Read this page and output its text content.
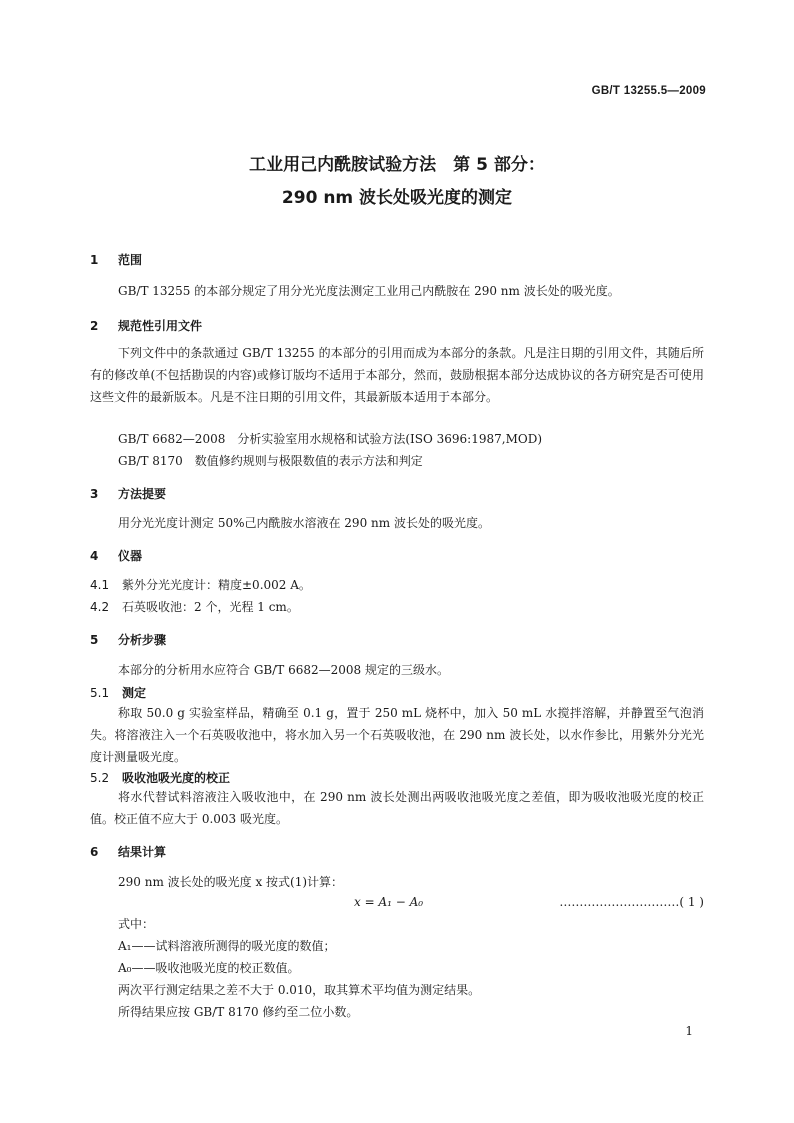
GB/T 13255.5—2009
工业用己内酰胺试验方法　第 5 部分：
290 nm 波长处吸光度的测定
1 范围
GB/T 13255 的本部分规定了用分光光度法测定工业用己内酰胺在 290 nm 波长处的吸光度。
2 规范性引用文件
下列文件中的条款通过 GB/T 13255 的本部分的引用而成为本部分的条款。凡是注日期的引用文件，其随后所有的修改单(不包括勘误的内容)或修订版均不适用于本部分，然而，鼓励根据本部分达成协议的各方研究是否可使用这些文件的最新版本。凡是不注日期的引用文件，其最新版本适用于本部分。
GB/T 6682—2008　分析实验室用水规格和试验方法(ISO 3696:1987,MOD)
GB/T 8170　数值修约规则与极限数值的表示方法和判定
3 方法提要
用分光光度计测定 50%己内酰胺水溶液在 290 nm 波长处的吸光度。
4 仪器
4.1 紫外分光光度计：精度±0.002 A。
4.2 石英吸收池：2 个，光程 1 cm。
5 分析步骤
本部分的分析用水应符合 GB/T 6682—2008 规定的三级水。
5.1 测定
称取 50.0 g 实验室样品，精确至 0.1 g，置于 250 mL 烧杯中，加入 50 mL 水搅拌溶解，并静置至气泡消失。将溶液注入一个石英吸收池中，将水加入另一个石英吸收池，在 290 nm 波长处，以水作参比，用紫外分光光度计测量吸光度。
5.2 吸收池吸光度的校正
将水代替试料溶液注入吸收池中，在 290 nm 波长处测出两吸收池吸光度之差值，即为吸收池吸光度的校正值。校正值不应大于 0.003 吸光度。
6 结果计算
290 nm 波长处的吸光度 x 按式(1)计算：
x = A₁ − A₀	…………………………( 1 )
式中：
A₁——试料溶液所测得的吸光度的数值；
A₀——吸收池吸光度的校正数值。
两次平行测定结果之差不大于 0.010，取其算术平均值为测定结果。
所得结果应按 GB/T 8170 修约至二位小数。
1
